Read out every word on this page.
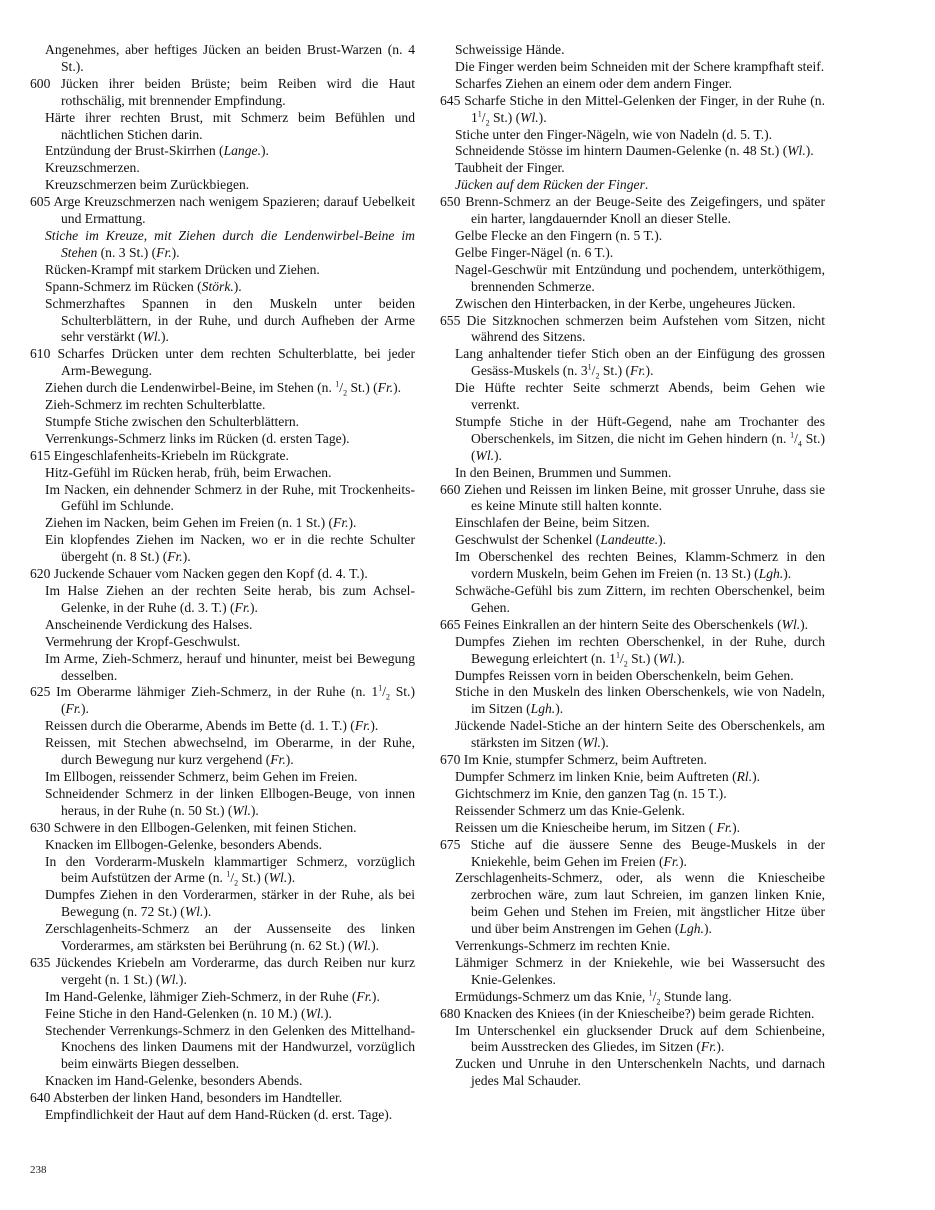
Angenehmes, aber heftiges Jücken an beiden Brust-Warzen (n. 4 St.).

600 Jücken ihrer beiden Brüste; beim Reiben wird die Haut rothschälig, mit brennender Empfindung.

Härte ihrer rechten Brust, mit Schmerz beim Befühlen und nächtlichen Stichen darin.

Entzündung der Brust-Skirrhen (Lange.).

Kreuzschmerzen.

Kreuzschmerzen beim Zurückbiegen.

605 Arge Kreuzschmerzen nach wenigem Spazieren; darauf Uebelkeit und Ermattung.

Stiche im Kreuze, mit Ziehen durch die Lendenwirbel-Beine im Stehen (n. 3 St.) (Fr.).

Rücken-Krampf mit starkem Drücken und Ziehen.

Spann-Schmerz im Rücken (Störk.).

Schmerzhaftes Spannen in den Muskeln unter beiden Schulterblättern, in der Ruhe, und durch Aufheben der Arme sehr verstärkt (Wl.).

610 Scharfes Drücken unter dem rechten Schulterblatte, bei jeder Arm-Bewegung.

Ziehen durch die Lendenwirbel-Beine, im Stehen (n. $^1/_2$ St.) (Fr.).

Zieh-Schmerz im rechten Schulterblatte.

Stumpfe Stiche zwischen den Schulterblättern.

Verrenkungs-Schmerz links im Rücken (d. ersten Tage).

615 Eingeschlafenheits-Kriebeln im Rückgrate.

Hitz-Gefühl im Rücken herab, früh, beim Erwachen.

Im Nacken, ein dehnender Schmerz in der Ruhe, mit Trockenheits-Gefühl im Schlunde.

Ziehen im Nacken, beim Gehen im Freien (n. 1 St.) (Fr.).

Ein klopfendes Ziehen im Nacken, wo er in die rechte Schulter übergeht (n. 8 St.) (Fr.).

620 Juckende Schauer vom Nacken gegen den Kopf (d. 4. T.).

Im Halse Ziehen an der rechten Seite herab, bis zum Achsel-Gelenke, in der Ruhe (d. 3. T.) (Fr.).

Anscheinende Verdickung des Halses.

Vermehrung der Kropf-Geschwulst.

Im Arme, Zieh-Schmerz, herauf und hinunter, meist bei Bewegung desselben.

625 Im Oberarme lähmiger Zieh-Schmerz, in der Ruhe (n. $1^1/_2$ St.) (Fr.).

Reissen durch die Oberarme, Abends im Bette (d. 1. T.) (Fr.).

Reissen, mit Stechen abwechselnd, im Oberarme, in der Ruhe, durch Bewegung nur kurz vergehend (Fr.).

Im Ellbogen, reissender Schmerz, beim Gehen im Freien.

Schneidender Schmerz in der linken Ellbogen-Beuge, von innen heraus, in der Ruhe (n. 50 St.) (Wl.).

630 Schwere in den Ellbogen-Gelenken, mit feinen Stichen.

Knacken im Ellbogen-Gelenke, besonders Abends.

In den Vorderarm-Muskeln klammartiger Schmerz, vorzüglich beim Aufstützen der Arme (n. $^1/_2$ St.) (Wl.).

Dumpfes Ziehen in den Vorderarmen, stärker in der Ruhe, als bei Bewegung (n. 72 St.) (Wl.).

Zerschlagenheits-Schmerz an der Aussenseite des linken Vorderarmes, am stärksten bei Berührung (n. 62 St.) (Wl.).

635 Jückendes Kriebeln am Vorderarme, das durch Reiben nur kurz vergeht (n. 1 St.) (Wl.).

Im Hand-Gelenke, lähmiger Zieh-Schmerz, in der Ruhe (Fr.).

Feine Stiche in den Hand-Gelenken (n. 10 M.) (Wl.).

Stechender Verrenkungs-Schmerz in den Gelenken des Mittelhand-Knochens des linken Daumens mit der Handwurzel, vorzüglich beim einwärts Biegen desselben.

Knacken im Hand-Gelenke, besonders Abends.

640 Absterben der linken Hand, besonders im Handteller.

Empfindlichkeit der Haut auf dem Hand-Rücken (d. erst. Tage).

Schweissige Hände.

Die Finger werden beim Schneiden mit der Schere krampfhaft steif.

Scharfes Ziehen an einem oder dem andern Finger.

645 Scharfe Stiche in den Mittel-Gelenken der Finger, in der Ruhe (n. $1^1/_2$ St.) (Wl.).

Stiche unter den Finger-Nägeln, wie von Nadeln (d. 5. T.).

Schneidende Stösse im hintern Daumen-Gelenke (n. 48 St.) (Wl.).

Taubheit der Finger.

Jücken auf dem Rücken der Finger.

650 Brenn-Schmerz an der Beuge-Seite des Zeigefingers, und später ein harter, langdauernder Knoll an dieser Stelle.

Gelbe Flecke an den Fingern (n. 5 T.).

Gelbe Finger-Nägel (n. 6 T.).

Nagel-Geschwür mit Entzündung und pochendem, unterköthigem, brennenden Schmerze.

Zwischen den Hinterbacken, in der Kerbe, ungeheures Jücken.

655 Die Sitzknochen schmerzen beim Aufstehen vom Sitzen, nicht während des Sitzens.

Lang anhaltender tiefer Stich oben an der Einfügung des grossen Gesäss-Muskels (n. $3^1/_2$ St.) (Fr.).

Die Hüfte rechter Seite schmerzt Abends, beim Gehen wie verrenkt.

Stumpfe Stiche in der Hüft-Gegend, nahe am Trochanter des Oberschenkels, im Sitzen, die nicht im Gehen hindern (n. $^1/_4$ St.)(Wl.).

In den Beinen, Brummen und Summen.

660 Ziehen und Reissen im linken Beine, mit grosser Unruhe, dass sie es keine Minute still halten konnte.

Einschlafen der Beine, beim Sitzen.

Geschwulst der Schenkel (Landeutte.).

Im Oberschenkel des rechten Beines, Klamm-Schmerz in den vordern Muskeln, beim Gehen im Freien (n. 13 St.) (Lgh.).

Schwäche-Gefühl bis zum Zittern, im rechten Oberschenkel, beim Gehen.

665 Feines Einkrallen an der hintern Seite des Oberschenkels (Wl.).

Dumpfes Ziehen im rechten Oberschenkel, in der Ruhe, durch Bewegung erleichtert (n. $1^1/_2$ St.) (Wl.).

Dumpfes Reissen vorn in beiden Oberschenkeln, beim Gehen.

Stiche in den Muskeln des linken Oberschenkels, wie von Nadeln, im Sitzen (Lgh.).

Jückende Nadel-Stiche an der hintern Seite des Oberschenkels, am stärksten im Sitzen (Wl.).

670 Im Knie, stumpfer Schmerz, beim Auftreten.

Dumpfer Schmerz im linken Knie, beim Auftreten (Rl.).

Gichtschmerz im Knie, den ganzen Tag (n. 15 T.).

Reissender Schmerz um das Knie-Gelenk.

Reissen um die Kniescheibe herum, im Sitzen ( Fr.).

675 Stiche auf die äussere Senne des Beuge-Muskels in der Kniekehle, beim Gehen im Freien (Fr.).

Zerschlagenheits-Schmerz, oder, als wenn die Kniescheibe zerbrochen wäre, zum laut Schreien, im ganzen linken Knie, beim Gehen und Stehen im Freien, mit ängstlicher Hitze über und über beim Anstrengen im Gehen (Lgh.).

Verrenkungs-Schmerz im rechten Knie.

Lähmiger Schmerz in der Kniekehle, wie bei Wassersucht des Knie-Gelenkes.

Ermüdungs-Schmerz um das Knie, $^1/_2$ Stunde lang.

680 Knacken des Kniees (in der Kniescheibe?) beim gerade Richten.

Im Unterschenkel ein glucksender Druck auf dem Schienbeine, beim Ausstrecken des Gliedes, im Sitzen (Fr.).

Zucken und Unruhe in den Unterschenkeln Nachts, und darnach jedes Mal Schauder.

238
